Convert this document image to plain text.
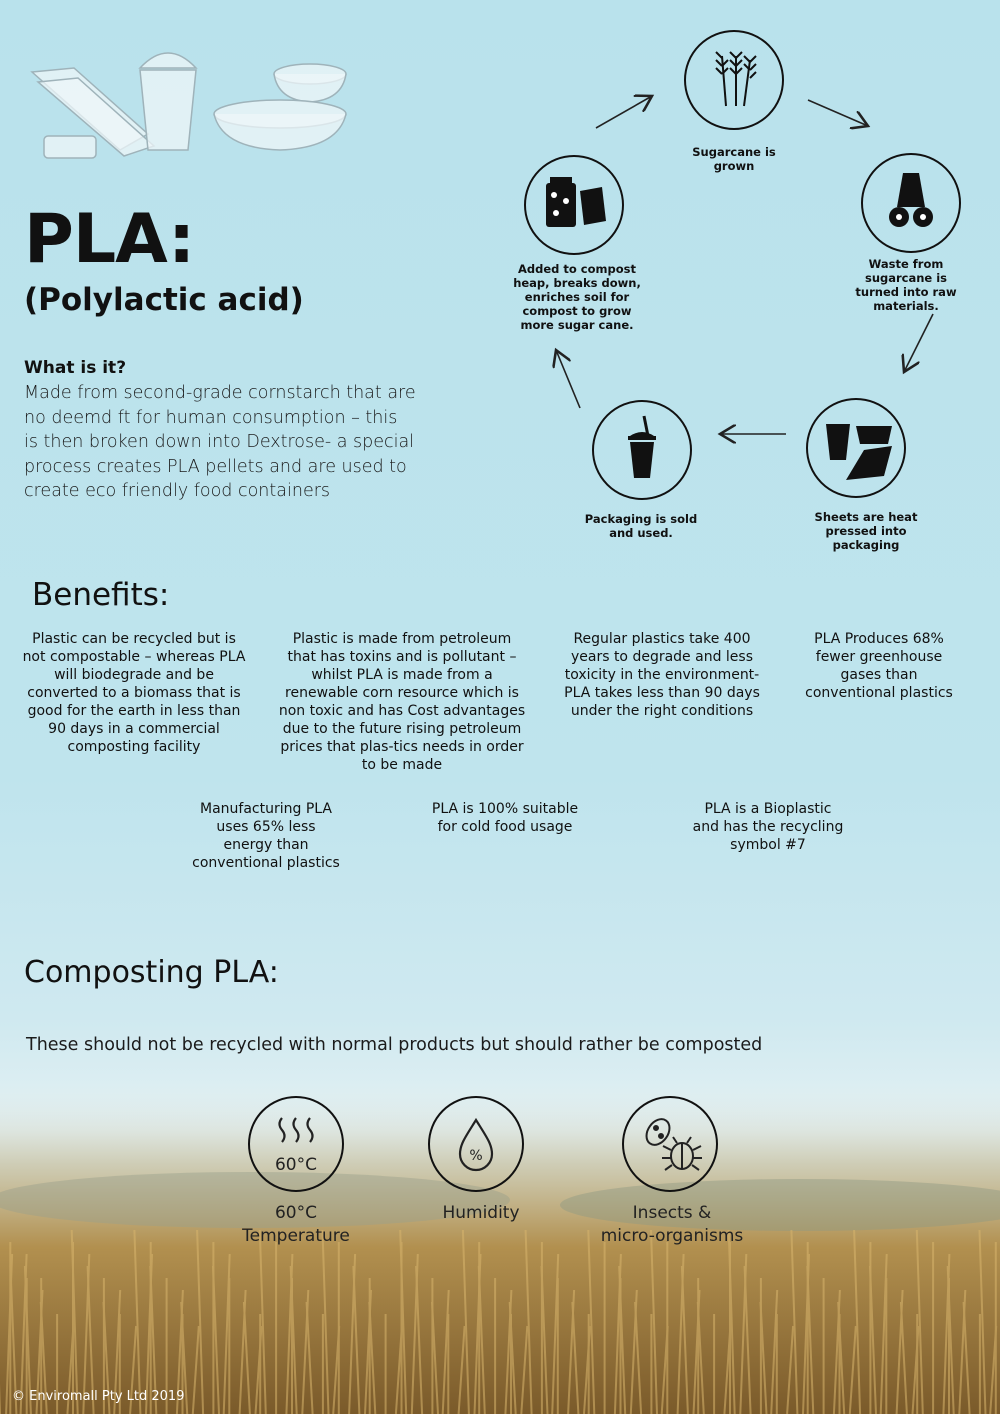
PLA:
(Polylactic acid)
What is it?
Made from second-grade cornstarch that are
no deemd ft for human consumption – this
is then broken down into Dextrose- a special
process creates PLA pellets and are used to
create eco friendly food containers
Sugarcane is grown
Waste from sugarcane is turned into raw materials.
Sheets are heat pressed into packaging
Packaging is sold and used.
Added to compost heap, breaks down, enriches soil for compost to grow more sugar cane.
Benefits:
Plastic can be recycled but is not compostable – whereas PLA will biodegrade and be converted to a biomass that is good for the earth in less than 90 days in a commercial composting facility
Plastic is made from petroleum that has toxins and is pollutant – whilst PLA is made from a renewable corn resource which is non toxic and has Cost advantages due to the future rising petroleum prices that plas-tics needs in order to be made
Regular plastics take 400 years to degrade and less toxicity in the environment- PLA takes less than 90 days under the right conditions
PLA Produces 68% fewer greenhouse gases than conventional plastics
Manufacturing PLA uses 65% less energy than conventional plastics
PLA is 100% suitable for cold food usage
PLA is a Bioplastic and has the recycling symbol #7
Composting PLA:
These should not be recycled with normal products but should rather be composted
60°C
60°C
Temperature
%
Humidity	Insects &
micro-organisms
© Enviromall Pty Ltd 2019
